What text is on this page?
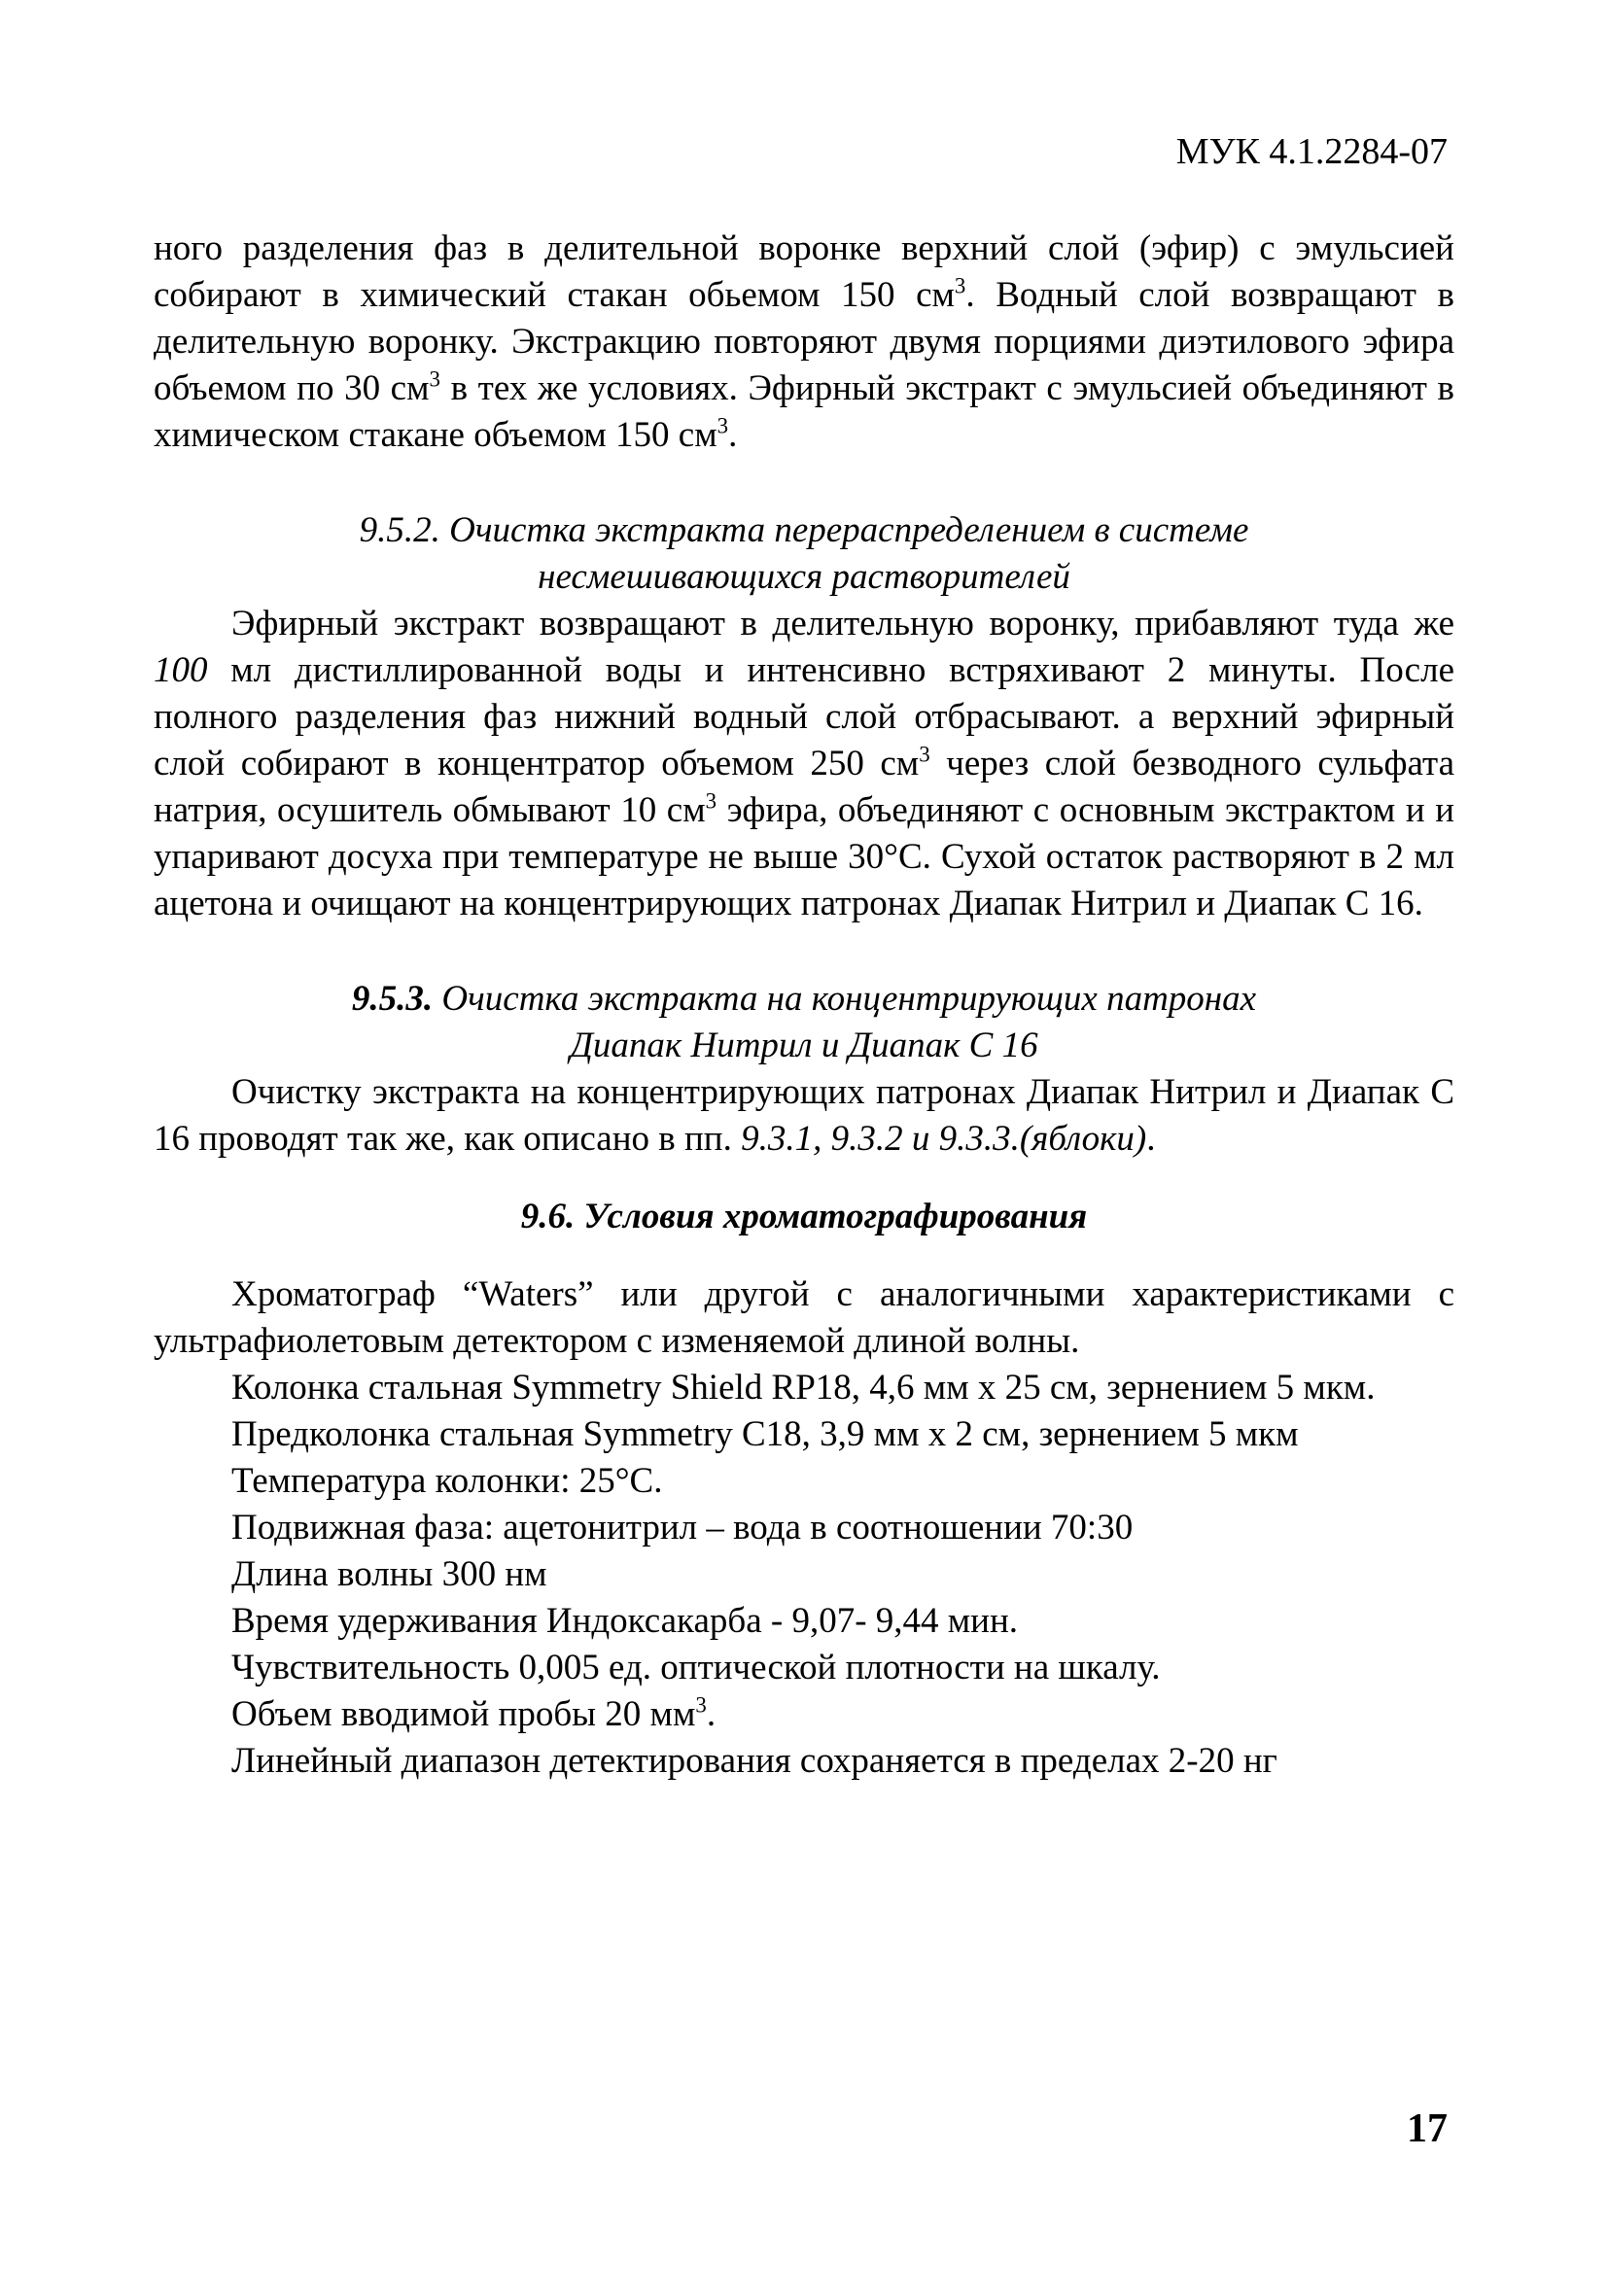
МУК 4.1.2284-07

ного разделения фаз в делительной воронке верхний слой (эфир) с эмульсией собирают в химический стакан обьемом 150 $см^3$. Водный слой возвращают в делительную воронку. Экстракцию повторяют двумя порциями диэтилового эфира объемом по 30 $см^3$ в тех же условиях. Эфирный экстракт с эмульсией объединяют в химическом стакане объемом 150 $см^3$.

9.5.2. Очистка экстракта перераспределением в системе

несмешивающихся растворителей

Эфирный экстракт возвращают в делительную воронку, прибавляют туда же 100 мл дистиллированной воды и интенсивно встряхивают 2 минуты. После полного разделения фаз нижний водный слой отбрасывают. а верхний эфирный слой собирают в концентратор объемом 250 $см^3$ через слой безводного сульфата натрия, осушитель обмывают 10 $см^3$ эфира, объединяют с основным экстрактом и и упаривают досуха при температуре не выше 30°С. Сухой остаток растворяют в 2 мл ацетона и очищают на концентрирующих патронах Диапак Нитрил и Диапак С 16.

9.5.3. Очистка экстракта на концентрирующих патронах

Диапак Нитрил и Диапак С 16

Очистку экстракта на концентрирующих патронах Диапак Нитрил и Диапак С 16 проводят так же, как описано в пп. 9.3.1, 9.3.2 и 9.3.3.(яблоки).

9.6. Условия хроматографирования

Хроматограф “Waters” или другой с аналогичными характеристиками с ультрафиолетовым детектором с изменяемой длиной волны.

Колонка стальная Symmetry Shield RP18, 4,6 мм х 25 см, зернением 5 мкм.

Предколонка стальная Symmetry С18, 3,9 мм х 2 см, зернением 5 мкм

Температура колонки: 25°С.

Подвижная фаза: ацетонитрил – вода в соотношении 70:30

Длина волны 300 нм

Время удерживания Индоксакарба - 9,07- 9,44 мин.

Чувствительность 0,005 ед. оптической плотности на шкалу.

Объем вводимой пробы 20 $мм^3$.

Линейный диапазон детектирования сохраняется в пределах 2-20 нг

17
